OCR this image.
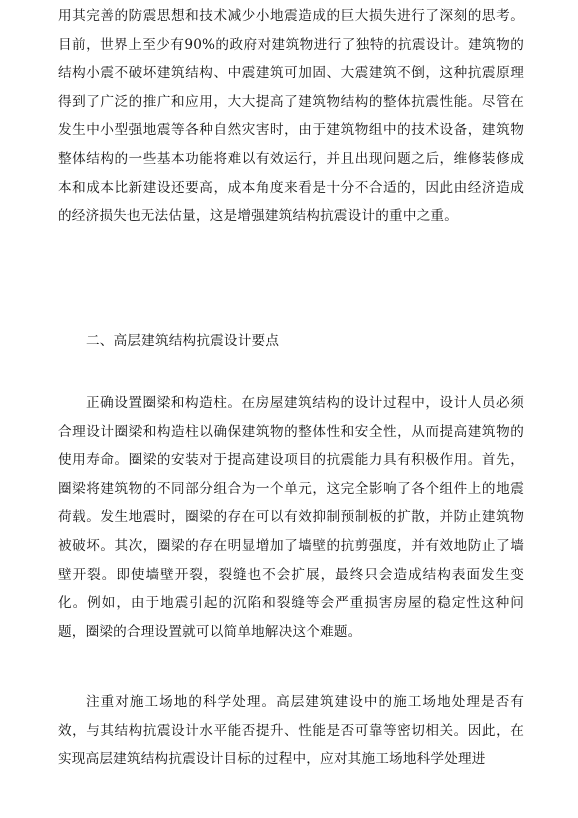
用其完善的防震思想和技术减少小地震造成的巨大损失进行了深刻的思考。目前，世界上至少有90%的政府对建筑物进行了独特的抗震设计。建筑物的结构小震不破坏建筑结构、中震建筑可加固、大震建筑不倒，这种抗震原理得到了广泛的推广和应用，大大提高了建筑物结构的整体抗震性能。尽管在发生中小型强地震等各种自然灾害时，由于建筑物组中的技术设备，建筑物整体结构的一些基本功能将难以有效运行，并且出现问题之后，维修装修成本和成本比新建设还要高，成本角度来看是十分不合适的，因此由经济造成的经济损失也无法估量，这是增强建筑结构抗震设计的重中之重。

二、高层建筑结构抗震设计要点

正确设置圈梁和构造柱。在房屋建筑结构的设计过程中，设计人员必须合理设计圈梁和构造柱以确保建筑物的整体性和安全性，从而提高建筑物的使用寿命。圈梁的安装对于提高建设项目的抗震能力具有积极作用。首先，圈梁将建筑物的不同部分组合为一个单元，这完全影响了各个组件上的地震荷载。发生地震时，圈梁的存在可以有效抑制预制板的扩散，并防止建筑物被破坏。其次，圈梁的存在明显增加了墙壁的抗剪强度，并有效地防止了墙壁开裂。即使墙壁开裂，裂缝也不会扩展，最终只会造成结构表面发生变化。例如，由于地震引起的沉陷和裂缝等会严重损害房屋的稳定性这种问题，圈梁的合理设置就可以简单地解决这个难题。

注重对施工场地的科学处理。高层建筑建设中的施工场地处理是否有效，与其结构抗震设计水平能否提升、性能是否可靠等密切相关。因此，在实现高层建筑结构抗震设计目标的过程中，应对其施工场地科学处理进
